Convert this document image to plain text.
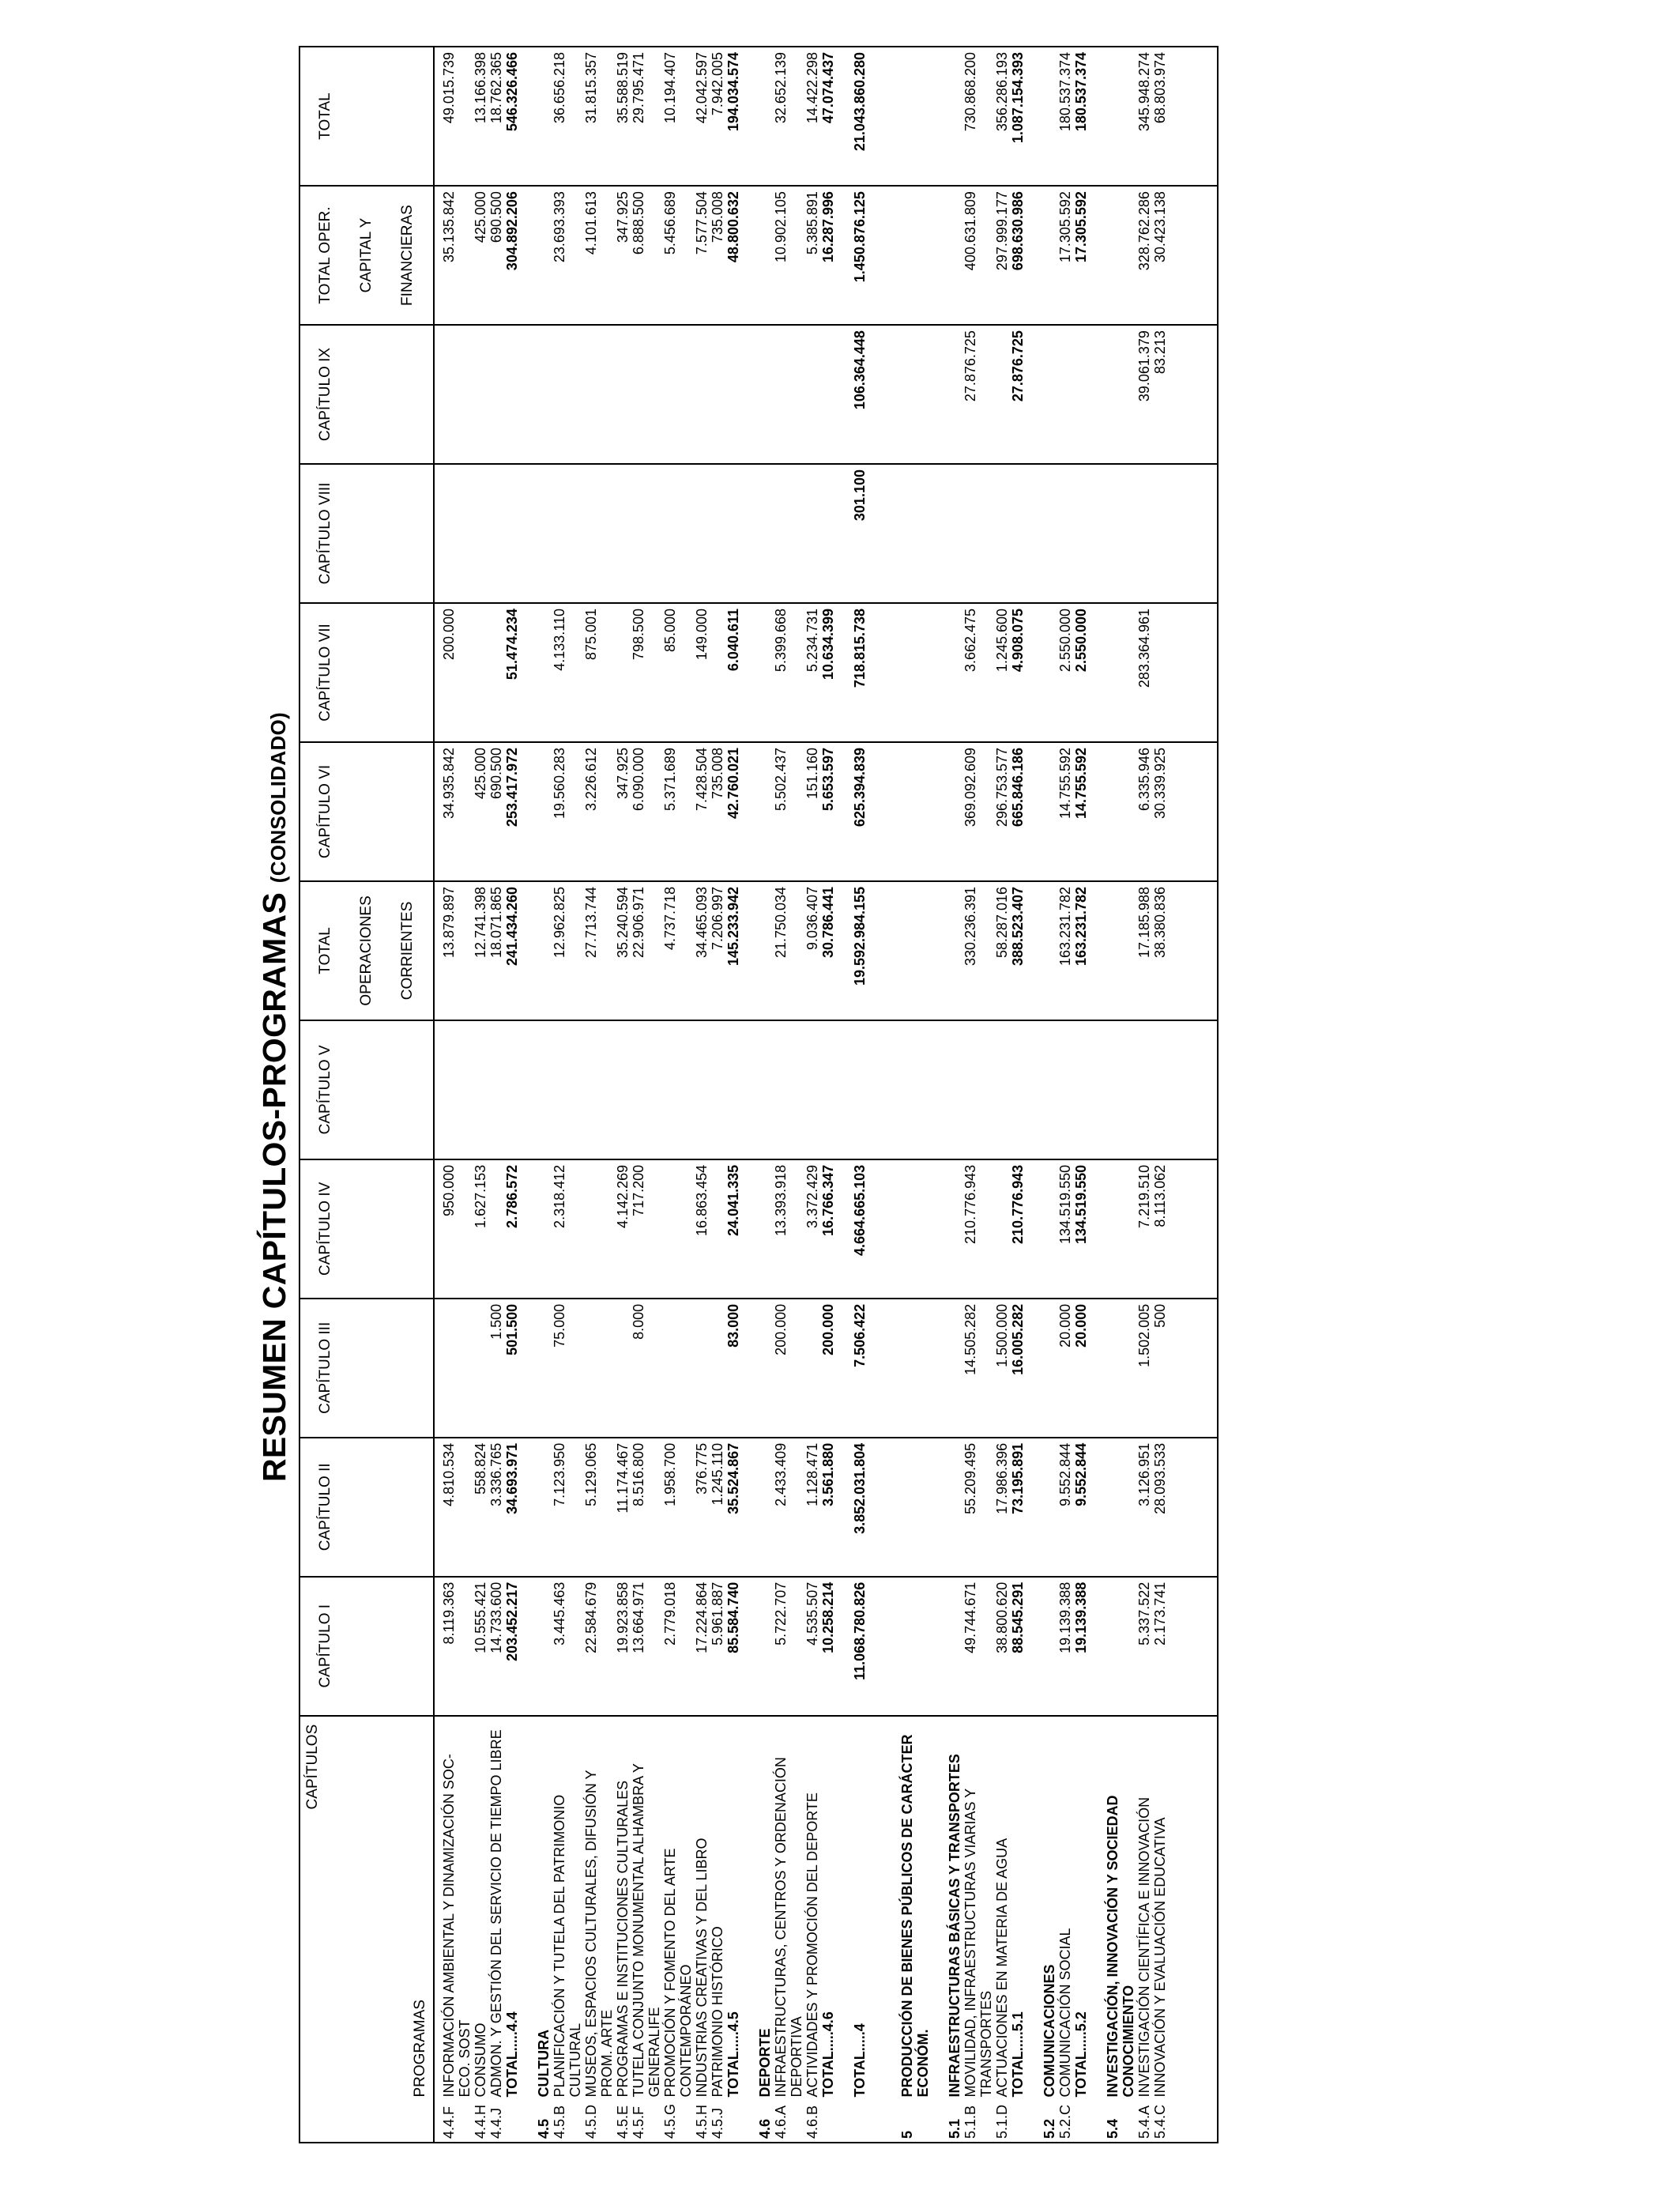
RESUMEN CAPÍTULOS-PROGRAMAS (CONSOLIDADO)

	CAPÍTULOS
PROGRAMAS	CAPÍTULO I	CAPÍTULO II	CAPÍTULO III	CAPÍTULO IV	CAPÍTULO V	TOTAL OPERACIONES CORRIENTES	CAPÍTULO VI	CAPÍTULO VII	CAPÍTULO VIII	CAPÍTULO IX	TOTAL OPER. CAPITAL Y FINANCIERAS	TOTAL

4.4.F	INFORMACIÓN AMBIENTAL Y DINAMIZACIÓN SOC-ECO. SOST	8.119.363	4.810.534		950.000		13.879.897	34.935.842	200.000			35.135.842	49.015.739
4.4.H	CONSUMO	10.555.421	558.824		1.627.153		12.741.398	425.000				425.000	13.166.398
4.4.J	ADMON. Y GESTIÓN DEL SERVICIO DE TIEMPO LIBRE	14.733.600	3.336.765	1.500			18.071.865	690.500				690.500	18.762.365
	TOTAL.....4.4	203.452.217	34.693.971	501.500	2.786.572		241.434.260	253.417.972	51.474.234			304.892.206	546.326.466

4.5	CULTURA												
4.5.B	PLANIFICACIÓN Y TUTELA DEL PATRIMONIO CULTURAL	3.445.463	7.123.950	75.000	2.318.412		12.962.825	19.560.283	4.133.110			23.693.393	36.656.218
4.5.D	MUSEOS, ESPACIOS CULTURALES, DIFUSIÓN Y PROM. ARTE	22.584.679	5.129.065				27.713.744	3.226.612	875.001			4.101.613	31.815.357
4.5.E	PROGRAMAS E INSTITUCIONES CULTURALES	19.923.858	11.174.467		4.142.269		35.240.594	347.925				347.925	35.588.519
4.5.F	TUTELA CONJUNTO MONUMENTAL ALHAMBRA Y GENERALIFE	13.664.971	8.516.800	8.000	717.200		22.906.971	6.090.000	798.500			6.888.500	29.795.471
4.5.G	PROMOCIÓN Y FOMENTO DEL ARTE CONTEMPORÁNEO	2.779.018	1.958.700				4.737.718	5.371.689	85.000			5.456.689	10.194.407
4.5.H	INDUSTRIAS CREATIVAS Y DEL LIBRO	17.224.864	376.775		16.863.454		34.465.093	7.428.504	149.000			7.577.504	42.042.597
4.5.J	PATRIMONIO HISTÓRICO	5.961.887	1.245.110				7.206.997	735.008				735.008	7.942.005
	TOTAL.....4.5	85.584.740	35.524.867	83.000	24.041.335		145.233.942	42.760.021	6.040.611			48.800.632	194.034.574

4.6	DEPORTE												
4.6.A	INFRAESTRUCTURAS, CENTROS Y ORDENACIÓN DEPORTIVA	5.722.707	2.433.409	200.000	13.393.918		21.750.034	5.502.437	5.399.668			10.902.105	32.652.139
4.6.B	ACTIVIDADES Y PROMOCIÓN DEL DEPORTE	4.535.507	1.128.471		3.372.429		9.036.407	151.160	5.234.731			5.385.891	14.422.298
	TOTAL.....4.6	10.258.214	3.561.880	200.000	16.766.347		30.786.441	5.653.597	10.634.399			16.287.996	47.074.437

	TOTAL.....4	11.068.780.826	3.852.031.804	7.506.422	4.664.665.103		19.592.984.155	625.394.839	718.815.738	301.100	106.364.448	1.450.876.125	21.043.860.280

5	PRODUCCIÓN DE BIENES PÚBLICOS DE CARÁCTER ECONÓM.												

5.1	INFRAESTRUCTURAS BÁSICAS Y TRANSPORTES												
5.1.B	MOVILIDAD, INFRAESTRUCTURAS VIARIAS Y TRANSPORTES	49.744.671	55.209.495	14.505.282	210.776.943		330.236.391	369.092.609	3.662.475		27.876.725	400.631.809	730.868.200
5.1.D	ACTUACIONES EN MATERIA DE AGUA	38.800.620	17.986.396	1.500.000			58.287.016	296.753.577	1.245.600			297.999.177	356.286.193
	TOTAL.....5.1	88.545.291	73.195.891	16.005.282	210.776.943		388.523.407	665.846.186	4.908.075		27.876.725	698.630.986	1.087.154.393

5.2	COMUNICACIONES												
5.2.C	COMUNICACIÓN SOCIAL	19.139.388	9.552.844	20.000	134.519.550		163.231.782	14.755.592	2.550.000			17.305.592	180.537.374
	TOTAL.....5.2	19.139.388	9.552.844	20.000	134.519.550		163.231.782	14.755.592	2.550.000			17.305.592	180.537.374

5.4	INVESTIGACIÓN, INNOVACIÓN Y SOCIEDAD CONOCIMIENTO												
5.4.A	INVESTIGACIÓN CIENTÍFICA E INNOVACIÓN	5.337.522	3.126.951	1.502.005	7.219.510		17.185.988	6.335.946	283.364.961		39.061.379	328.762.286	345.948.274
5.4.C	INNOVACIÓN Y EVALUACIÓN EDUCATIVA	2.173.741	28.093.533	500	8.113.062		38.380.836	30.339.925			83.213	30.423.138	68.803.974
